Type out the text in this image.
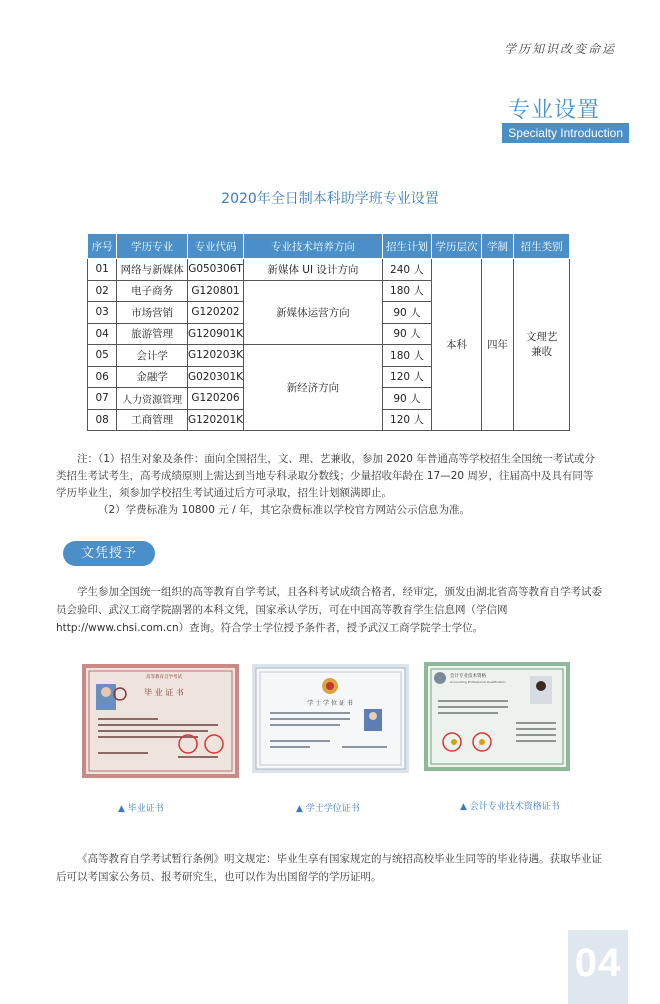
学历知识改变命运
专业设置
Specialty Introduction
2020年全日制本科助学班专业设置
序号	学历专业	专业代码	专业技术培养方向	招生计划	学历层次	学制	招生类别
01	网络与新媒体	G050306T	新媒体 UI 设计方向	240 人	本科	四年	文理艺兼收
02	电子商务	G120801	新媒体运营方向	180 人			
03	市场营销	G120202		90 人			
04	旅游管理	G120901K		90 人			
05	会计学	G120203K	新经济方向	180 人			
06	金融学	G020301K		120 人			
07	人力资源管理	G120206		90 人			
08	工商管理	G120201K		120 人			

注：（1）招生对象及条件：面向全国招生，文、理、艺兼收，参加 2020 年普通高等学校招生全国统一考试或分类招生考试考生，高考成绩原则上需达到当地专科录取分数线；少量招收年龄在 17—20 周岁，往届高中及具有同等学历毕业生，须参加学校招生考试通过后方可录取，招生计划额满即止。

（2）学费标准为 10800 元 / 年，其它杂费标准以学校官方网站公示信息为准。

文凭授予

学生参加全国统一组织的高等教育自学考试，且各科考试成绩合格者，经审定，颁发由湖北省高等教育自学考试委员会验印、武汉工商学院副署的本科文凭，国家承认学历，可在中国高等教育学生信息网（学信网 http://www.chsi.com.cn）查询。符合学士学位授予条件者，授予武汉工商学院学士学位。

高等教育自学考试
毕 业 证 书
▲ 毕业证书
学 士 学 位 证 书
▲ 学士学位证书
会计专业技术资格
Accounting Professional Qualification
▲ 会计专业技术资格证书

《高等教育自学考试暂行条例》明文规定：毕业生享有国家规定的与统招高校毕业生同等的毕业待遇。获取毕业证后可以考国家公务员、报考研究生，也可以作为出国留学的学历证明。

04
